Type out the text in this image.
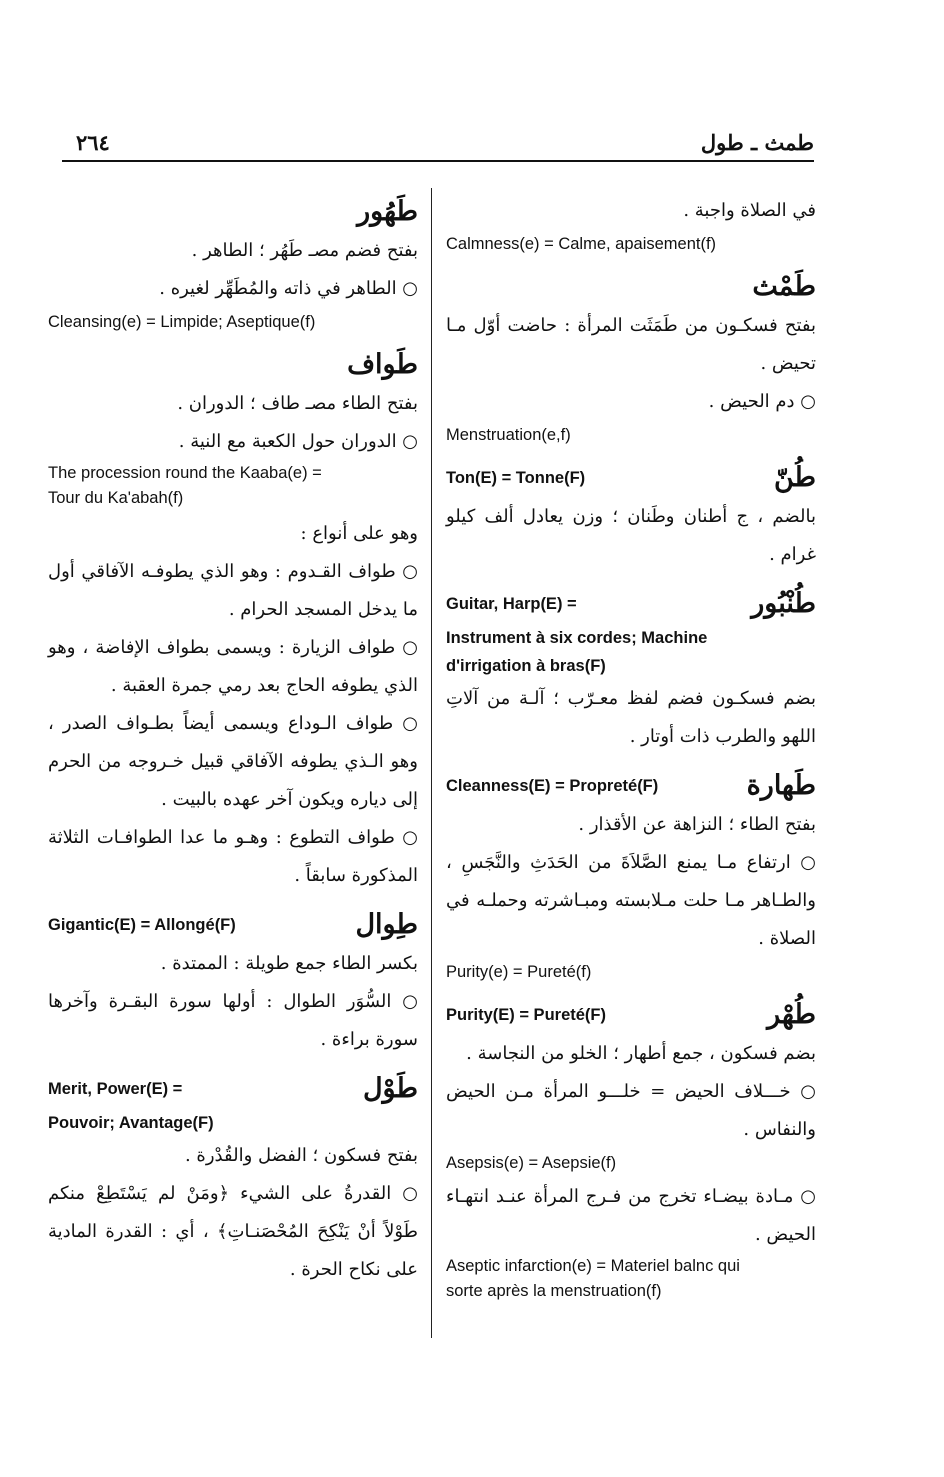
٢٦٤	طمث ـ طول

في الصلاة واجبة .

Calmness(e) = Calme, apaisement(f)
طَمْث

بفتح فسكـون من طَمَثَت المرأة : حاضت أوّل مـا تحيض .

○ دم الحيض .

Menstruation(e,f)
Ton(E) = Tonne(F)	طُنّ

بالضم ، ج أطنان وطَنان ؛ وزن يعادل ألف كيلو غرام .

Guitar, Harp(E) =	طُنْبُور
Instrument à six cordes; Machine
d'irrigation à bras(F)

بضم فسكـون فضم لفظ معـرّب ؛ آلـة من آلاتِ اللهو والطرب ذات أوتار .

Cleanness(E) = Propreté(F)	طَهارة

بفتح الطاء ؛ النزاهة عن الأقذار .

○ ارتفاع مـا يمنع الصَّلاَةَ من الحَدَثِ والنَّجَسِ ، والطـاهر مـا حلت مـلابسته ومبـاشرته وحملـه في الصلاة .

Purity(e) = Pureté(f)
Purity(E) = Pureté(F)	طُهْر

بضم فسكون ، جمع أطهار ؛ الخلو من النجاسة .

○ خـــلاف الحيض = خلـــو المرأة مـن الحيض والنفاس .

Asepsis(e) = Asepsie(f)

○ مـادة بيضـاء تخرج من فـرج المرأة عنـد انتهـاء الحيض .

Aseptic infarction(e) = Materiel balnc qui
sorte après la menstruation(f)
طَهُور

بفتح فضم مصـ طَهُر ؛ الطاهر .

○ الطاهر في ذاته والمُطَهِّر لغيره .

Cleansing(e) = Limpide; Aseptique(f)
طَواف

بفتح الطاء مصـ طاف ؛ الدوران .

○ الدوران حول الكعبة مع النية .

The procession round the Kaaba(e) =
Tour du Ka'abah(f)

وهو على أنواع :

○ طواف القـدوم : وهو الذي يطوفـه الآفاقي أول ما يدخل المسجد الحرام .

○ طواف الزيارة : ويسمى بطواف الإفاضة ، وهو الذي يطوفه الحاج بعد رمي جمرة العقبة .

○ طواف الـوداع ويسمى أيضاً بطـواف الصدر ، وهو الـذي يطوفه الآفاقي قبيل خـروجه من الحرم إلى دياره ويكون آخر عهده بالبيت .

○ طواف التطوع : وهـو ما عدا الطوافـات الثلاثة المذكورة سابقاً .

Gigantic(E) = Allongé(F)	طِوال

بكسر الطاء جمع طويلة : الممتدة .

○ السُّوَر الطوال : أولها سورة البقـرة وآخرها سورة براءة .

Merit, Power(E) =	طَوْل
Pouvoir; Avantage(F)

بفتح فسكون ؛ الفضل والقُدْرة .

○ القدرةُ على الشيء ﴿ومَنْ لم يَسْتَطِعْ منكم طَوْلاً أنْ يَنْكِحَ المُحْصَنـاتِ﴾ ، أي : القدرة المادية على نكاح الحرة .
